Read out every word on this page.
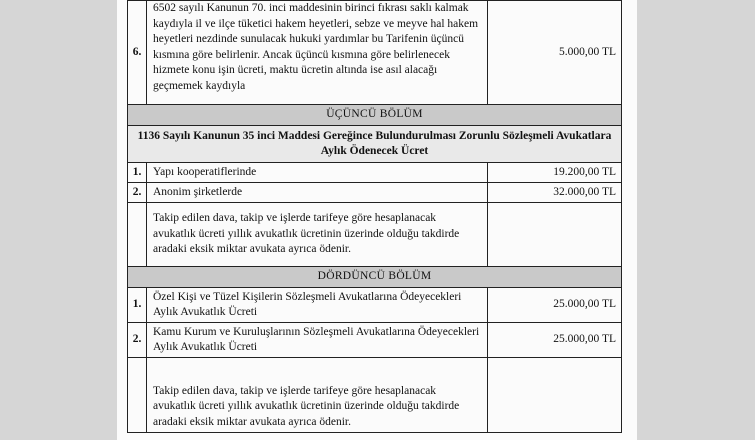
6.	6502 sayılı Kanunun 70. inci maddesinin birinci fıkrası saklı kalmak kaydıyla il ve ilçe tüketici hakem heyetleri, sebze ve meyve hal hakem heyetleri nezdinde sunulacak hukuki yardımlar bu Tarifenin üçüncü kısmına göre belirlenir. Ancak üçüncü kısmına göre belirlenecek hizmete konu işin ücreti, maktu ücretin altında ise asıl alacağı geçmemek kaydıyla	5.000,00 TL
ÜÇÜNCÜ BÖLÜM		
1136 Sayılı Kanunun 35 inci Maddesi Gereğince Bulundurulması Zorunlu Sözleşmeli Avukatlara Aylık Ödenecek Ücret		
1.	Yapı kooperatiflerinde	19.200,00 TL
2.	Anonim şirketlerde	32.000,00 TL
	Takip edilen dava, takip ve işlerde tarifeye göre hesaplanacak avukatlık ücreti yıllık avukatlık ücretinin üzerinde olduğu takdirde aradaki eksik miktar avukata ayrıca ödenir.	
DÖRDÜNCÜ BÖLÜM		
1.	Özel Kişi ve Tüzel Kişilerin Sözleşmeli Avukatlarına Ödeyecekleri Aylık Avukatlık Ücreti	25.000,00 TL
2.	Kamu Kurum ve Kuruluşlarının Sözleşmeli Avukatlarına Ödeyecekleri Aylık Avukatlık Ücreti	25.000,00 TL
	Takip edilen dava, takip ve işlerde tarifeye göre hesaplanacak avukatlık ücreti yıllık avukatlık ücretinin üzerinde olduğu takdirde aradaki eksik miktar avukata ayrıca ödenir.	
